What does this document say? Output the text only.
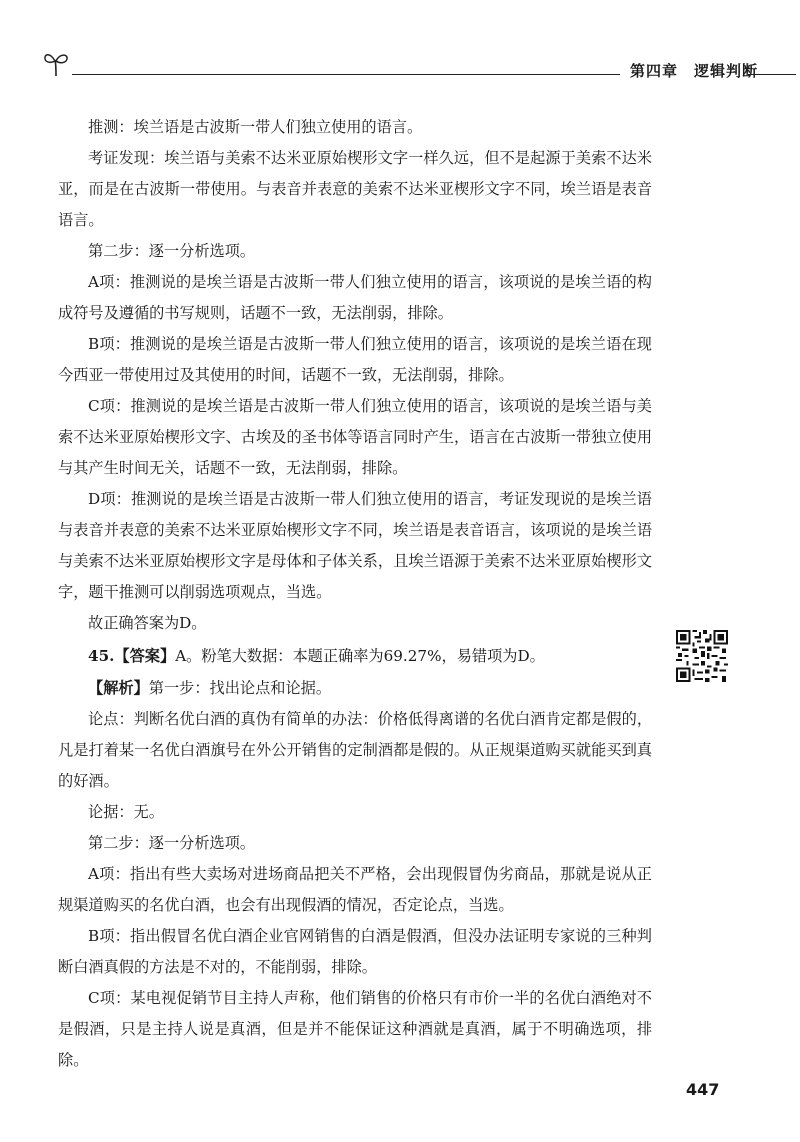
第四章　逻辑判断

推测：埃兰语是古波斯一带人们独立使用的语言。

考证发现：埃兰语与美索不达米亚原始楔形文字一样久远，但不是起源于美索不达米亚，而是在古波斯一带使用。与表音并表意的美索不达米亚楔形文字不同，埃兰语是表音语言。

第二步：逐一分析选项。

A项：推测说的是埃兰语是古波斯一带人们独立使用的语言，该项说的是埃兰语的构成符号及遵循的书写规则，话题不一致，无法削弱，排除。

B项：推测说的是埃兰语是古波斯一带人们独立使用的语言，该项说的是埃兰语在现今西亚一带使用过及其使用的时间，话题不一致，无法削弱，排除。

C项：推测说的是埃兰语是古波斯一带人们独立使用的语言，该项说的是埃兰语与美索不达米亚原始楔形文字、古埃及的圣书体等语言同时产生，语言在古波斯一带独立使用与其产生时间无关，话题不一致，无法削弱，排除。

D项：推测说的是埃兰语是古波斯一带人们独立使用的语言，考证发现说的是埃兰语与表音并表意的美索不达米亚原始楔形文字不同，埃兰语是表音语言，该项说的是埃兰语与美索不达米亚原始楔形文字是母体和子体关系，且埃兰语源于美索不达米亚原始楔形文字，题干推测可以削弱选项观点，当选。

故正确答案为D。

45.【答案】A。粉笔大数据：本题正确率为69.27%，易错项为D。

【解析】第一步：找出论点和论据。

论点：判断名优白酒的真伪有简单的办法：价格低得离谱的名优白酒肯定都是假的，凡是打着某一名优白酒旗号在外公开销售的定制酒都是假的。从正规渠道购买就能买到真的好酒。

论据：无。

第二步：逐一分析选项。

A项：指出有些大卖场对进场商品把关不严格，会出现假冒伪劣商品，那就是说从正规渠道购买的名优白酒，也会有出现假酒的情况，否定论点，当选。

B项：指出假冒名优白酒企业官网销售的白酒是假酒，但没办法证明专家说的三种判断白酒真假的方法是不对的，不能削弱，排除。

C项：某电视促销节目主持人声称，他们销售的价格只有市价一半的名优白酒绝对不是假酒，只是主持人说是真酒，但是并不能保证这种酒就是真酒，属于不明确选项，排除。

447
